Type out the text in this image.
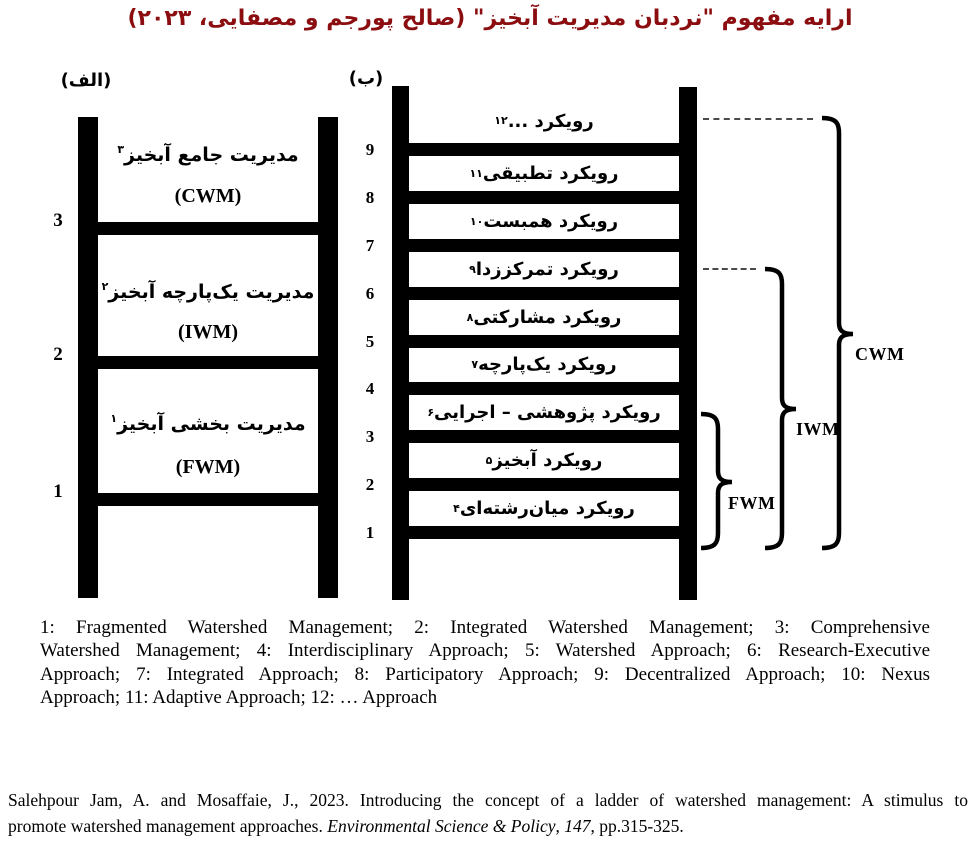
ارایه مفهوم "نردبان مدیریت آبخیز" (صالح پورجم و مصفایی، ۲۰۲۳)
(الف)
3
2
1
مدیریت جامع آبخیز$^۳$
(CWM)
مدیریت یک‌پارچه آبخیز$^۲$
(IWM)
مدیریت بخشی آبخیز$^۱$
(FWM)
(ب)
9
8
7
6
5
4
3
2
1
رویکرد ...
۱۲
رویکرد تطبیقی
۱۱
رویکرد همبست
۱۰
رویکرد تمرکززدا
۹
رویکرد مشارکتی
۸
رویکرد یک‌پارچه
۷
رویکرد پژوهشی – اجرایی
۶
رویکرد آبخیز
۵
رویکرد میان‌رشته‌ای
۴
CWM
IWM
FWM
1: Fragmented Watershed Management; 2: Integrated Watershed Management; 3: Comprehensive
Watershed Management; 4: Interdisciplinary Approach; 5: Watershed Approach; 6: Research-Executive
Approach; 7: Integrated Approach; 8: Participatory Approach; 9: Decentralized Approach; 10: Nexus
Approach; 11: Adaptive Approach; 12: … Approach
Salehpour Jam, A. and Mosaffaie, J., 2023. Introducing the concept of a ladder of watershed management: A stimulus to
promote watershed management approaches. Environmental Science & Policy, 147, pp.315-325.
